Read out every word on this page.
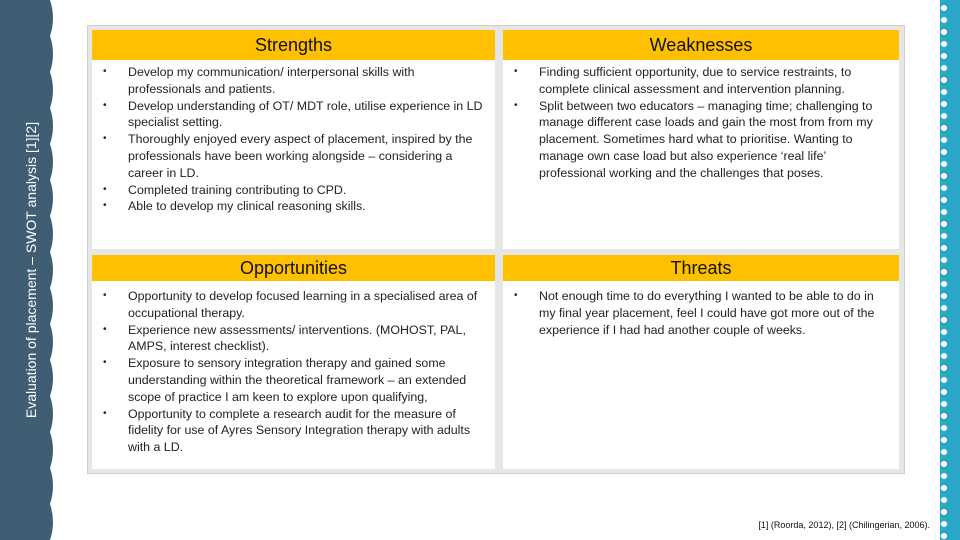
Evaluation of placement – SWOT analysis [1][2]
Strengths
• Develop my communication/ interpersonal skills with professionals and patients.
• Develop understanding of OT/ MDT role, utilise experience in LD specialist setting.
• Thoroughly enjoyed every aspect of placement, inspired by the professionals have been working alongside – considering a career in LD.
• Completed training contributing to CPD.
• Able to develop my clinical reasoning skills.
Weaknesses
• Finding sufficient opportunity, due to service restraints, to complete clinical assessment and intervention planning.
• Split between two educators – managing time; challenging to manage different case loads and gain the most from from my placement. Sometimes hard what to prioritise. Wanting to manage own case load but also experience ‘real life’ professional working and the challenges that poses.
Opportunities
• Opportunity to develop focused learning in a specialised area of occupational therapy.
• Experience new assessments/ interventions. (MOHOST, PAL, AMPS, interest checklist).
• Exposure to sensory integration therapy and gained some understanding within the theoretical framework – an extended scope of practice I am keen to explore upon qualifying,
• Opportunity to complete a research audit for the measure of fidelity for use of Ayres Sensory Integration therapy with adults with a LD.
Threats
• Not enough time to do everything I wanted to be able to do in my final year placement, feel I could have got more out of the experience if I had had another couple of weeks.
[1] (Roorda, 2012), [2] (Chilingerian, 2006).
